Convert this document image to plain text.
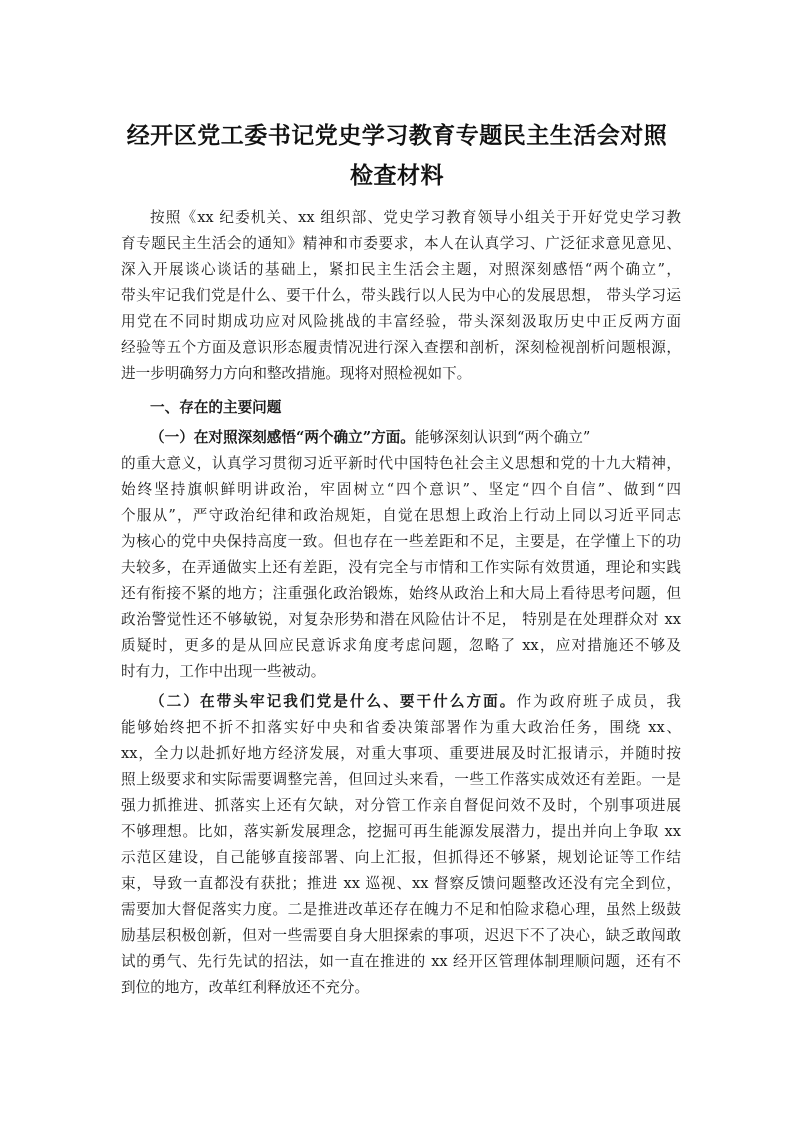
经开区党工委书记党史学习教育专题民主生活会对照
检查材料
按照《xx 纪委机关、xx 组织部、党史学习教育领导小组关于开好党史学习教
育专题民主生活会的通知》精神和市委要求，本人在认真学习、广泛征求意见意见、
深入开展谈心谈话的基础上，紧扣民主生活会主题，对照深刻感悟“两个确立”，
带头牢记我们党是什么、要干什么，带头践行以人民为中心的发展思想， 带头学习运
用党在不同时期成功应对风险挑战的丰富经验，带头深刻汲取历史中正反两方面
经验等五个方面及意识形态履责情况进行深入查摆和剖析，深刻检视剖析问题根源，
进一步明确努力方向和整改措施。现将对照检视如下。
一、存在的主要问题
（一）在对照深刻感悟“两个确立”方面。能够深刻认识到“两个确立”
的重大意义，认真学习贯彻习近平新时代中国特色社会主义思想和党的十九大精神，
始终坚持旗帜鲜明讲政治，牢固树立“四个意识”、坚定“四个自信”、做到“四
个服从”，严守政治纪律和政治规矩，自觉在思想上政治上行动上同以习近平同志
为核心的党中央保持高度一致。但也存在一些差距和不足，主要是，在学懂上下的功
夫较多，在弄通做实上还有差距，没有完全与市情和工作实际有效贯通，理论和实践
还有衔接不紧的地方；注重强化政治锻炼，始终从政治上和大局上看待思考问题，但
政治警觉性还不够敏锐，对复杂形势和潜在风险估计不足， 特别是在处理群众对 xx
质疑时，更多的是从回应民意诉求角度考虑问题，忽略了 xx，应对措施还不够及
时有力，工作中出现一些被动。
（二）在带头牢记我们党是什么、要干什么方面。作为政府班子成员，我
能够始终把不折不扣落实好中央和省委决策部署作为重大政治任务，围绕 xx、
xx，全力以赴抓好地方经济发展，对重大事项、重要进展及时汇报请示，并随时按
照上级要求和实际需要调整完善，但回过头来看，一些工作落实成效还有差距。一是
强力抓推进、抓落实上还有欠缺，对分管工作亲自督促问效不及时，个别事项进展
不够理想。比如，落实新发展理念，挖掘可再生能源发展潜力，提出并向上争取 xx
示范区建设，自己能够直接部署、向上汇报，但抓得还不够紧，规划论证等工作结
束，导致一直都没有获批；推进 xx 巡视、xx 督察反馈问题整改还没有完全到位，
需要加大督促落实力度。二是推进改革还存在魄力不足和怕险求稳心理，虽然上级鼓
励基层积极创新，但对一些需要自身大胆探索的事项，迟迟下不了决心，缺乏敢闯敢
试的勇气、先行先试的招法，如一直在推进的 xx 经开区管理体制理顺问题，还有不
到位的地方，改革红利释放还不充分。
